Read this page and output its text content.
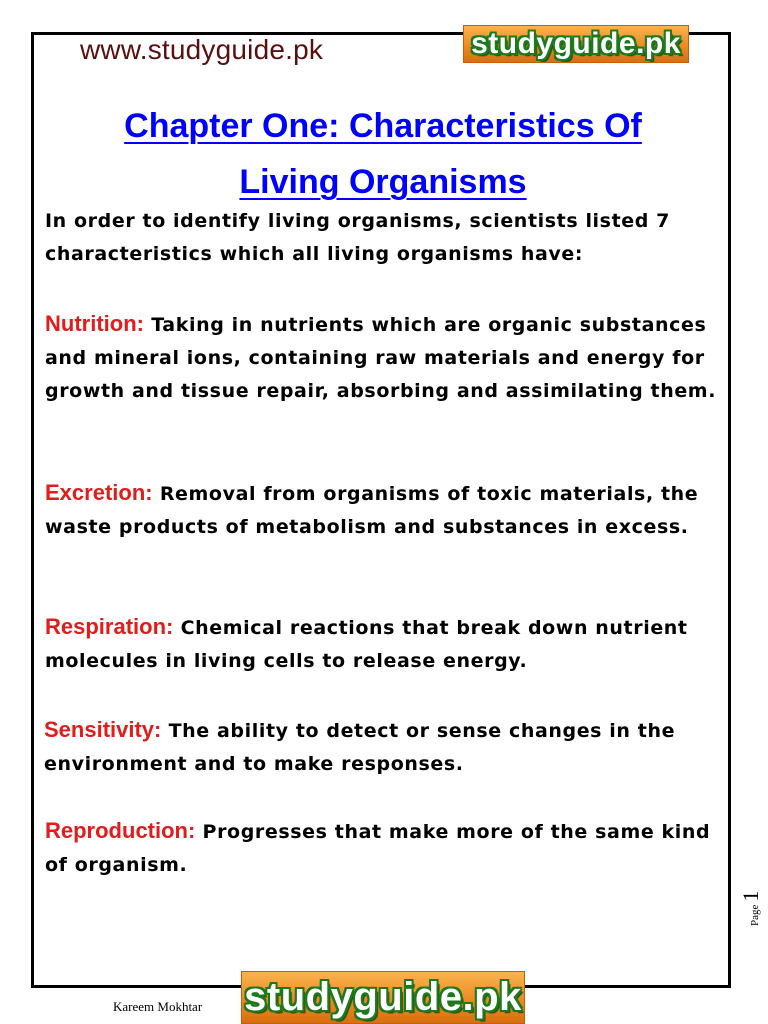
www.studyguide.pk	studyguide.pk
Chapter One: Characteristics Of
Living Organisms

In order to identify living organisms, scientists listed 7 characteristics which all living organisms have:

Nutrition: Taking in nutrients which are organic substances and mineral ions, containing raw materials and energy for growth and tissue repair, absorbing and assimilating them.

Excretion: Removal from organisms of toxic materials, the waste products of metabolism and substances in excess.

Respiration: Chemical reactions that break down nutrient molecules in living cells to release energy.

Sensitivity: The ability to detect or sense changes in the environment and to make responses.

Reproduction: Progresses that make more of the same kind of organism.

Page
1
Kareem Mokhtar studyguide.pk
